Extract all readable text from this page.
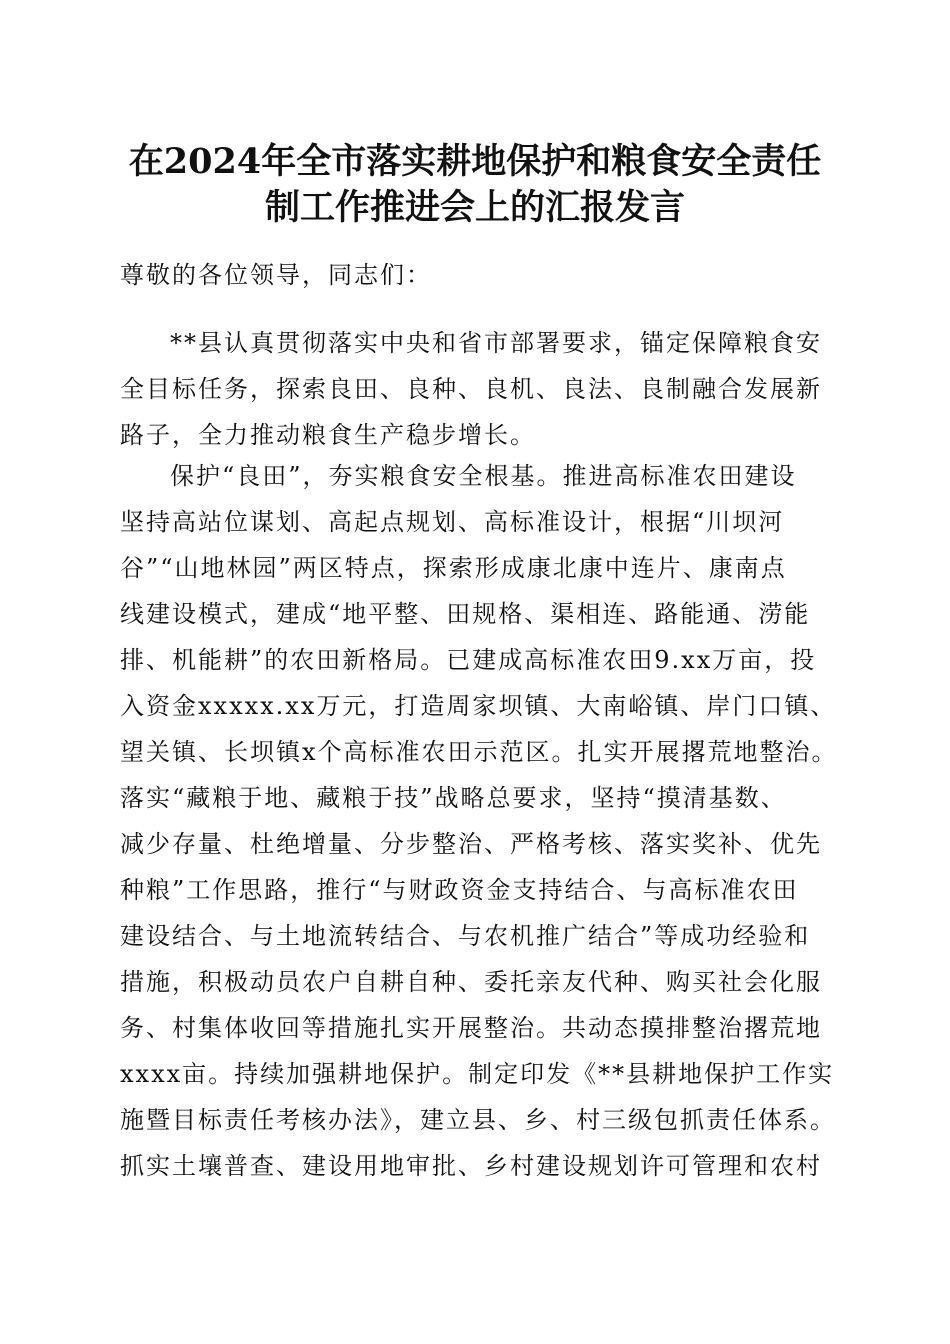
在2024年全市落实耕地保护和粮食安全责任
制工作推进会上的汇报发言

尊敬的各位领导，同志们：

**县认真贯彻落实中央和省市部署要求，锚定保障粮食安
全目标任务，探索良田、良种、良机、良法、良制融合发展新
路子，全力推动粮食生产稳步增长。
保护“良田”，夯实粮食安全根基。推进高标准农田建设
坚持高站位谋划、高起点规划、高标准设计，根据“川坝河
谷”“山地林园”两区特点，探索形成康北康中连片、康南点
线建设模式，建成“地平整、田规格、渠相连、路能通、涝能
排、机能耕”的农田新格局。已建成高标准农田9.xx万亩，投
入资金xxxxx.xx万元，打造周家坝镇、大南峪镇、岸门口镇、
望关镇、长坝镇x个高标准农田示范区。扎实开展撂荒地整治。
落实“藏粮于地、藏粮于技”战略总要求，坚持“摸清基数、
减少存量、杜绝增量、分步整治、严格考核、落实奖补、优先
种粮”工作思路，推行“与财政资金支持结合、与高标准农田
建设结合、与土地流转结合、与农机推广结合”等成功经验和
措施，积极动员农户自耕自种、委托亲友代种、购买社会化服
务、村集体收回等措施扎实开展整治。共动态摸排整治撂荒地
xxxx亩。持续加强耕地保护。制定印发《**县耕地保护工作实
施暨目标责任考核办法》，建立县、乡、村三级包抓责任体系。
抓实土壤普查、建设用地审批、乡村建设规划许可管理和农村
